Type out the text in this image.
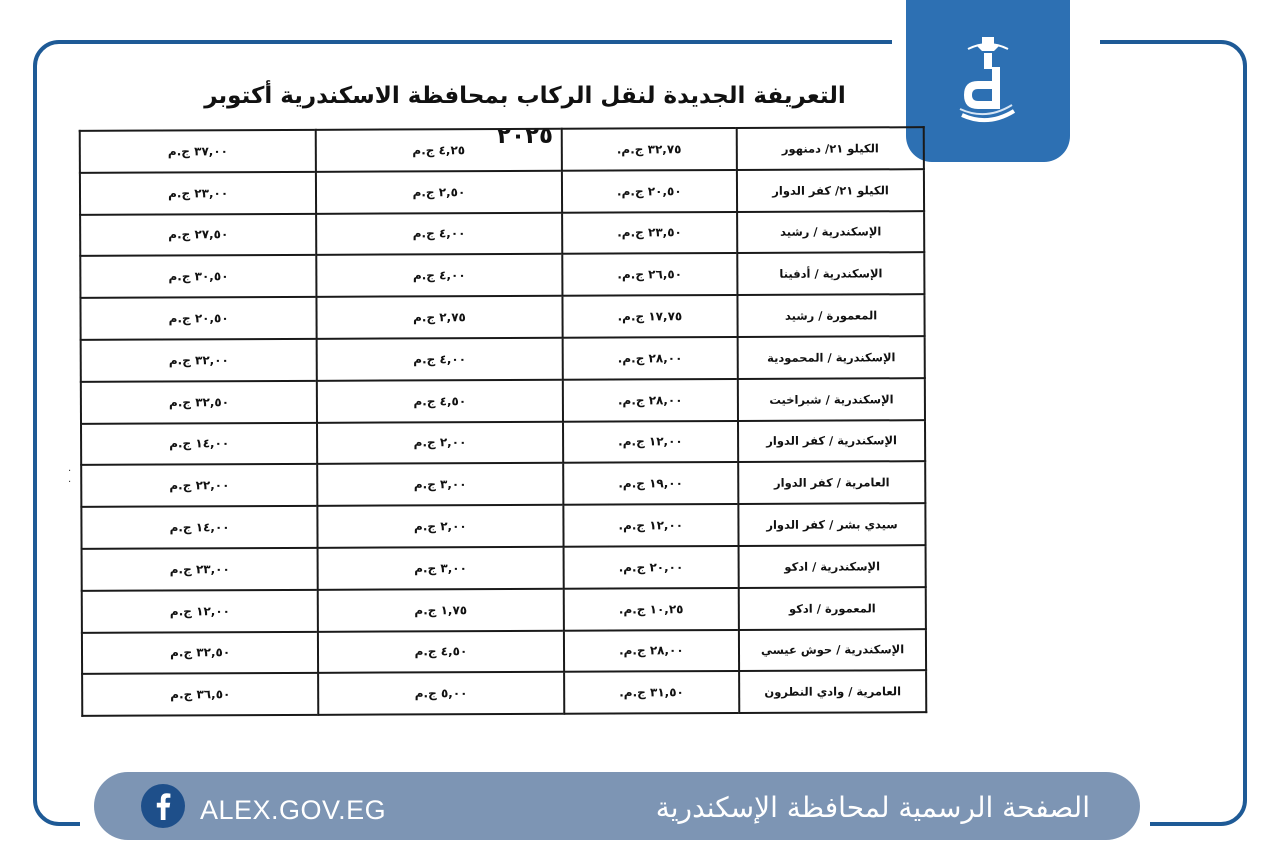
التعريفة الجديدة لنقل الركاب بمحافظة الاسكندرية أكتوبر ٢٠٢٥	الكيلو ٢١/ دمنهور	٣٢,٧٥ ج.م.	٤,٢٥ ج.م	٣٧,٠٠ ج.م
الكيلو ٢١/ كفر الدوار	٢٠,٥٠ ج.م.	٢,٥٠ ج.م	٢٣,٠٠ ج.م
الإسكندرية / رشيد	٢٣,٥٠ ج.م.	٤,٠٠ ج.م	٢٧,٥٠ ج.م
الإسكندرية / أدفينا	٢٦,٥٠ ج.م.	٤,٠٠ ج.م	٣٠,٥٠ ج.م
المعمورة / رشيد	١٧,٧٥ ج.م.	٢,٧٥ ج.م	٢٠,٥٠ ج.م
الإسكندرية / المحمودية	٢٨,٠٠ ج.م.	٤,٠٠ ج.م	٣٢,٠٠ ج.م
الإسكندرية / شبراخيت	٢٨,٠٠ ج.م.	٤,٥٠ ج.م	٣٢,٥٠ ج.م
الإسكندرية / كفر الدوار	١٢,٠٠ ج.م.	٢,٠٠ ج.م	١٤,٠٠ ج.م
العامرية / كفر الدوار	١٩,٠٠ ج.م.	٣,٠٠ ج.م	٢٢,٠٠ ج.م
سيدي بشر / كفر الدوار	١٢,٠٠ ج.م.	٢,٠٠ ج.م	١٤,٠٠ ج.م
الإسكندرية / ادكو	٢٠,٠٠ ج.م.	٣,٠٠ ج.م	٢٣,٠٠ ج.م
المعمورة / ادكو	١٠,٢٥ ج.م.	١,٧٥ ج.م	١٢,٠٠ ج.م
الإسكندرية / حوش عيسي	٢٨,٠٠ ج.م.	٤,٥٠ ج.م	٣٢,٥٠ ج.م
العامرية / وادي النطرون	٣١,٥٠ ج.م.	٥,٠٠ ج.م	٣٦,٥٠ ج.م
·
·

ALEX.GOV.EG	الصفحة الرسمية لمحافظة الإسكندرية
